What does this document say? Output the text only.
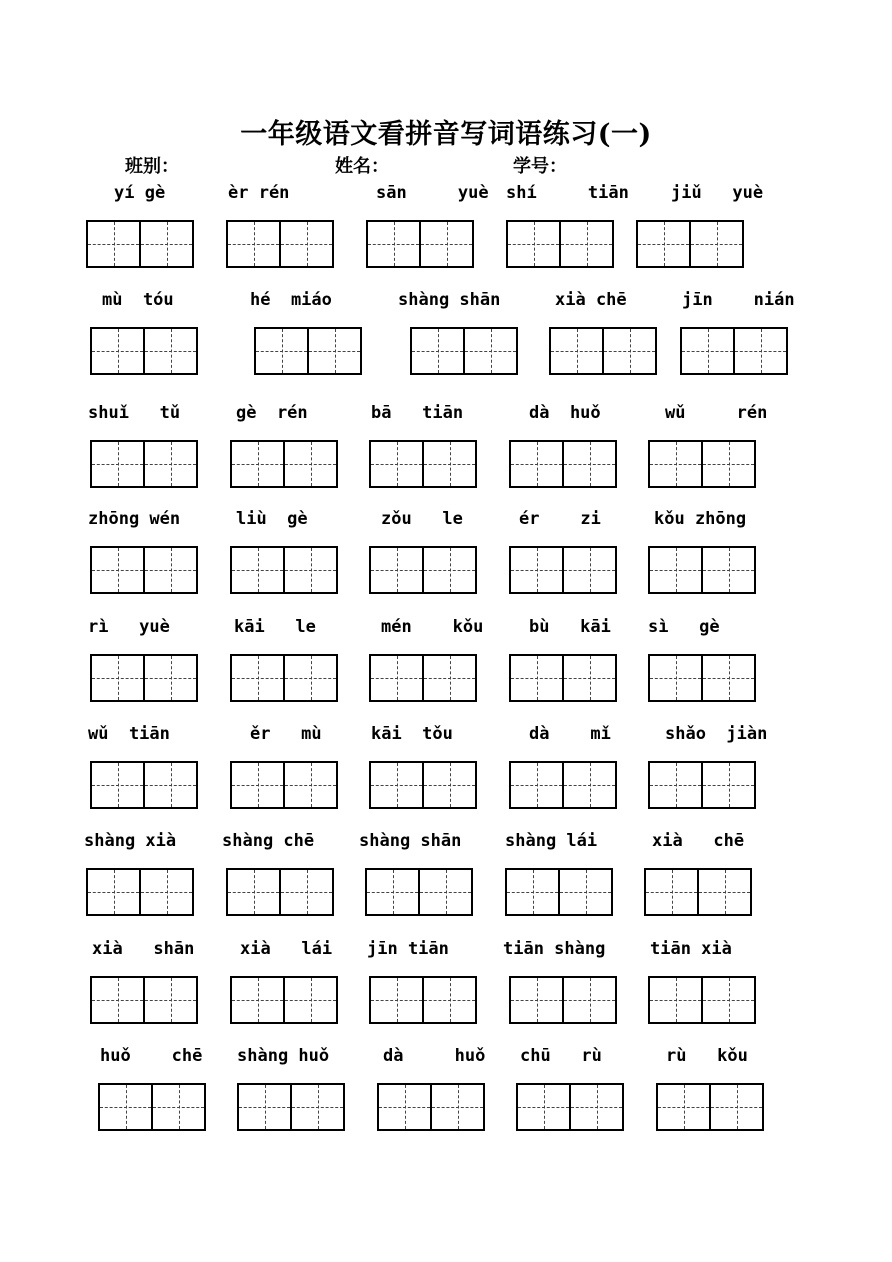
一年级语文看拼音写词语练习(一)
班别：	姓名：	学号：
yí gè	èr rén	sān     yuè shí     tiān jiǔ   yuè
mù  tóu	hé  miáo	shàng shān	xià chē	jīn    nián
shuǐ   tǔ	gè  rén	bā   tiān	dà  huǒ	wǔ     rén
zhōng wén	liù  gè	zǒu   le	ér    zi	kǒu zhōng
rì   yuè	kāi   le	mén    kǒu	bù   kāi sì   gè
wǔ  tiān	ěr   mù	kāi  tǒu	dà    mǐ	shǎo  jiàn
shàng xià	shàng chē	shàng shān	shàng lái	xià   chē
xià   shān	xià   lái jīn tiān	tiān shàng	tiān xià
huǒ    chē shàng huǒ	dà     huǒ chū   rù	rù   kǒu
